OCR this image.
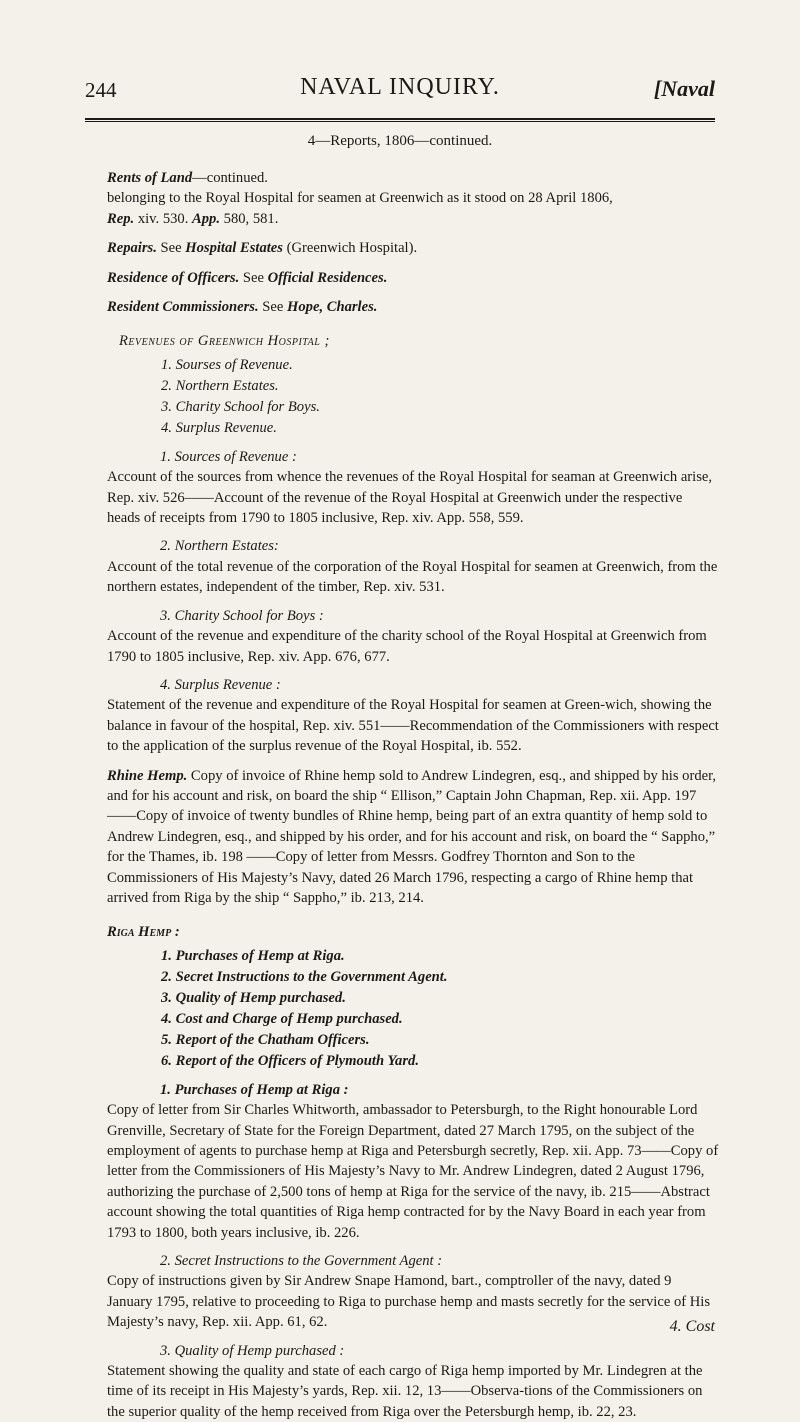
244	NAVAL INQUIRY.	[Naval
4—Reports, 1806—continued.

Rents of Land—continued.

belonging to the Royal Hospital for seamen at Greenwich as it stood on 28 April 1806,
Rep. xiv. 530. App. 580, 581.

Repairs. See Hospital Estates (Greenwich Hospital).

Residence of Officers. See Official Residences.

Resident Commissioners. See Hope, Charles.

Revenues of Greenwich Hospital ;

1. Sourses of Revenue.
2. Northern Estates.
3. Charity School for Boys.
4. Surplus Revenue.

1. Sources of Revenue :

Account of the sources from whence the revenues of the Royal Hospital for seaman at Greenwich arise, Rep. xiv. 526——Account of the revenue of the Royal Hospital at Greenwich under the respective heads of receipts from 1790 to 1805 inclusive, Rep. xiv. App. 558, 559.

2. Northern Estates:

Account of the total revenue of the corporation of the Royal Hospital for seamen at Greenwich, from the northern estates, independent of the timber, Rep. xiv. 531.

3. Charity School for Boys :

Account of the revenue and expenditure of the charity school of the Royal Hospital at Greenwich from 1790 to 1805 inclusive, Rep. xiv. App. 676, 677.

4. Surplus Revenue :

Statement of the revenue and expenditure of the Royal Hospital for seamen at Green-wich, showing the balance in favour of the hospital, Rep. xiv. 551——Recommendation of the Commissioners with respect to the application of the surplus revenue of the Royal Hospital, ib. 552.

Rhine Hemp. Copy of invoice of Rhine hemp sold to Andrew Lindegren, esq., and shipped by his order, and for his account and risk, on board the ship “ Ellison,” Captain John Chapman, Rep. xii. App. 197——Copy of invoice of twenty bundles of Rhine hemp, being part of an extra quantity of hemp sold to Andrew Lindegren, esq., and shipped by his order, and for his account and risk, on board the “ Sappho,” for the Thames, ib. 198 ——Copy of letter from Messrs. Godfrey Thornton and Son to the Commissioners of His Majesty’s Navy, dated 26 March 1796, respecting a cargo of Rhine hemp that arrived from Riga by the ship “ Sappho,” ib. 213, 214.

Riga Hemp :

1. Purchases of Hemp at Riga.
2. Secret Instructions to the Government Agent.
3. Quality of Hemp purchased.
4. Cost and Charge of Hemp purchased.
5. Report of the Chatham Officers.
6. Report of the Officers of Plymouth Yard.

1. Purchases of Hemp at Riga :

Copy of letter from Sir Charles Whitworth, ambassador to Petersburgh, to the Right honourable Lord Grenville, Secretary of State for the Foreign Department, dated 27 March 1795, on the subject of the employment of agents to purchase hemp at Riga and Petersburgh secretly, Rep. xii. App. 73——Copy of letter from the Commissioners of His Majesty’s Navy to Mr. Andrew Lindegren, dated 2 August 1796, authorizing the purchase of 2,500 tons of hemp at Riga for the service of the navy, ib. 215——Abstract account showing the total quantities of Riga hemp contracted for by the Navy Board in each year from 1793 to 1800, both years inclusive, ib. 226.

2. Secret Instructions to the Government Agent :

Copy of instructions given by Sir Andrew Snape Hamond, bart., comptroller of the navy, dated 9 January 1795, relative to proceeding to Riga to purchase hemp and masts secretly for the service of His Majesty’s navy, Rep. xii. App. 61, 62.

3. Quality of Hemp purchased :

Statement showing the quality and state of each cargo of Riga hemp imported by Mr. Lindegren at the time of its receipt in His Majesty’s yards, Rep. xii. 12, 13——Observa-tions of the Commissioners on the superior quality of the hemp received from Riga over the Petersburgh hemp, ib. 22, 23.

4. Cost
